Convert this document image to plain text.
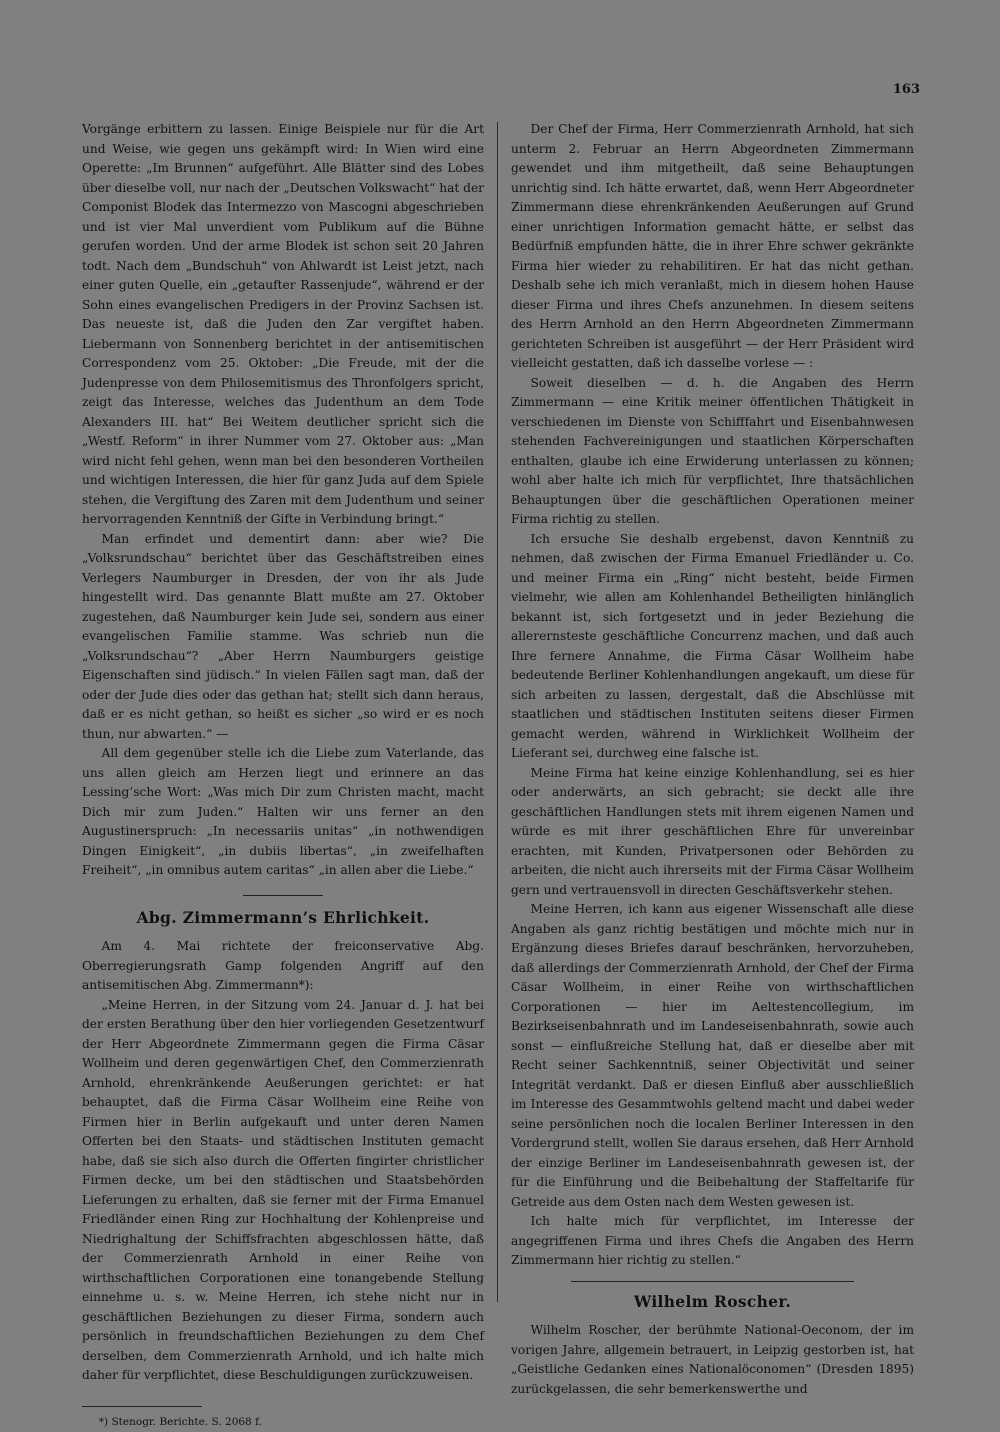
163

Vorgänge erbittern zu lassen. Einige Beispiele nur für die Art und Weise, wie gegen uns gekämpft wird: In Wien wird eine Operette: „Im Brunnen“ aufgeführt. Alle Blätter sind des Lobes über dieselbe voll, nur nach der „Deutschen Volkswacht“ hat der Componist Blodek das Intermezzo von Mascogni abgeschrieben und ist vier Mal unverdient vom Publikum auf die Bühne gerufen worden. Und der arme Blodek ist schon seit 20 Jahren todt. Nach dem „Bundschuh“ von Ahlwardt ist Leist jetzt, nach einer guten Quelle, ein „getaufter Rassenjude“, während er der Sohn eines evangelischen Predigers in der Provinz Sachsen ist. Das neueste ist, daß die Juden den Zar vergiftet haben. Liebermann von Sonnenberg berichtet in der antisemitischen Correspondenz vom 25. Oktober: „Die Freude, mit der die Judenpresse von dem Philosemitismus des Thronfolgers spricht, zeigt das Interesse, welches das Judenthum an dem Tode Alexanders III. hat“ Bei Weitem deutlicher spricht sich die „Westf. Reform“ in ihrer Nummer vom 27. Oktober aus: „Man wird nicht fehl gehen, wenn man bei den besonderen Vortheilen und wichtigen Interessen, die hier für ganz Juda auf dem Spiele stehen, die Vergiftung des Zaren mit dem Judenthum und seiner hervorragenden Kenntniß der Gifte in Verbindung bringt.“

Man erfindet und dementirt dann: aber wie? Die „Volksrundschau“ berichtet über das Geschäftstreiben eines Verlegers Naumburger in Dresden, der von ihr als Jude hingestellt wird. Das genannte Blatt mußte am 27. Oktober zugestehen, daß Naumburger kein Jude sei, sondern aus einer evangelischen Familie stamme. Was schrieb nun die „Volksrundschau“? „Aber Herrn Naumburgers geistige Eigenschaften sind jüdisch.“ In vielen Fällen sagt man, daß der oder der Jude dies oder das gethan hat; stellt sich dann heraus, daß er es nicht gethan, so heißt es sicher „so wird er es noch thun, nur abwarten.“ —

All dem gegenüber stelle ich die Liebe zum Vaterlande, das uns allen gleich am Herzen liegt und erinnere an das Lessing’sche Wort: „Was mich Dir zum Christen macht, macht Dich mir zum Juden.“ Halten wir uns ferner an den Augustinerspruch: „In necessariis unitas“ „in nothwendigen Dingen Einigkeit“, „in dubiis libertas“, „in zweifelhaften Freiheit“, „in omnibus autem caritas“ „in allen aber die Liebe.“

Abg. Zimmermann’s Ehrlichkeit.

Am 4. Mai richtete der freiconservative Abg. Oberregierungsrath Gamp folgenden Angriff auf den antisemitischen Abg. Zimmermann*):

„Meine Herren, in der Sitzung vom 24. Januar d. J. hat bei der ersten Berathung über den hier vorliegenden Gesetzentwurf der Herr Abgeordnete Zimmermann gegen die Firma Cäsar Wollheim und deren gegenwärtigen Chef, den Commerzienrath Arnhold, ehrenkränkende Aeußerungen gerichtet: er hat behauptet, daß die Firma Cäsar Wollheim eine Reihe von Firmen hier in Berlin aufgekauft und unter deren Namen Offerten bei den Staats- und städtischen Instituten gemacht habe, daß sie sich also durch die Offerten fingirter christlicher Firmen decke, um bei den städtischen und Staatsbehörden Lieferungen zu erhalten, daß sie ferner mit der Firma Emanuel Friedländer einen Ring zur Hochhaltung der Kohlenpreise und Niedrighaltung der Schiffsfrachten abgeschlossen hätte, daß der Commerzienrath Arnhold in einer Reihe von wirthschaftlichen Corporationen eine tonangebende Stellung einnehme u. s. w. Meine Herren, ich stehe nicht nur in geschäftlichen Beziehungen zu dieser Firma, sondern auch persönlich in freundschaftlichen Beziehungen zu dem Chef derselben, dem Commerzienrath Arnhold, und ich halte mich daher für verpflichtet, diese Beschuldigungen zurückzuweisen.

*) Stenogr. Berichte. S. 2068 f.

Der Chef der Firma, Herr Commerzienrath Arnhold, hat sich unterm 2. Februar an Herrn Abgeordneten Zimmermann gewendet und ihm mitgetheilt, daß seine Behauptungen unrichtig sind. Ich hätte erwartet, daß, wenn Herr Abgeordneter Zimmermann diese ehrenkränkenden Aeußerungen auf Grund einer unrichtigen Information gemacht hätte, er selbst das Bedürfniß empfunden hätte, die in ihrer Ehre schwer gekränkte Firma hier wieder zu rehabilitiren. Er hat das nicht gethan. Deshalb sehe ich mich veranlaßt, mich in diesem hohen Hause dieser Firma und ihres Chefs anzunehmen. In diesem seitens des Herrn Arnhold an den Herrn Abgeordneten Zimmermann gerichteten Schreiben ist ausgeführt — der Herr Präsident wird vielleicht gestatten, daß ich dasselbe vorlese — :

Soweit dieselben — d. h. die Angaben des Herrn Zimmermann — eine Kritik meiner öffentlichen Thätigkeit in verschiedenen im Dienste von Schifffahrt und Eisenbahnwesen stehenden Fachvereinigungen und staatlichen Körperschaften enthalten, glaube ich eine Erwiderung unterlassen zu können; wohl aber halte ich mich für verpflichtet, Ihre thatsächlichen Behauptungen über die geschäftlichen Operationen meiner Firma richtig zu stellen.

Ich ersuche Sie deshalb ergebenst, davon Kenntniß zu nehmen, daß zwischen der Firma Emanuel Friedländer u. Co. und meiner Firma ein „Ring“ nicht besteht, beide Firmen vielmehr, wie allen am Kohlenhandel Betheiligten hinlänglich bekannt ist, sich fortgesetzt und in jeder Beziehung die allerernsteste geschäftliche Concurrenz machen, und daß auch Ihre fernere Annahme, die Firma Cäsar Wollheim habe bedeutende Berliner Kohlenhandlungen angekauft, um diese für sich arbeiten zu lassen, dergestalt, daß die Abschlüsse mit staatlichen und städtischen Instituten seitens dieser Firmen gemacht werden, während in Wirklichkeit Wollheim der Lieferant sei, durchweg eine falsche ist.

Meine Firma hat keine einzige Kohlenhandlung, sei es hier oder anderwärts, an sich gebracht; sie deckt alle ihre geschäftlichen Handlungen stets mit ihrem eigenen Namen und würde es mit ihrer geschäftlichen Ehre für unvereinbar erachten, mit Kunden, Privatpersonen oder Behörden zu arbeiten, die nicht auch ihrerseits mit der Firma Cäsar Wollheim gern und vertrauensvoll in directen Geschäftsverkehr stehen.

Meine Herren, ich kann aus eigener Wissenschaft alle diese Angaben als ganz richtig bestätigen und möchte mich nur in Ergänzung dieses Briefes darauf beschränken, hervorzuheben, daß allerdings der Commerzienrath Arnhold, der Chef der Firma Cäsar Wollheim, in einer Reihe von wirthschaftlichen Corporationen — hier im Aeltestencollegium, im Bezirkseisenbahnrath und im Landeseisenbahnrath, sowie auch sonst — einflußreiche Stellung hat, daß er dieselbe aber mit Recht seiner Sachkenntniß, seiner Objectivität und seiner Integrität verdankt. Daß er diesen Einfluß aber ausschließlich im Interesse des Gesammtwohls geltend macht und dabei weder seine persönlichen noch die localen Berliner Interessen in den Vordergrund stellt, wollen Sie daraus ersehen, daß Herr Arnhold der einzige Berliner im Landeseisenbahnrath gewesen ist, der für die Einführung und die Beibehaltung der Staffeltarife für Getreide aus dem Osten nach dem Westen gewesen ist.

Ich halte mich für verpflichtet, im Interesse der angegriffenen Firma und ihres Chefs die Angaben des Herrn Zimmermann hier richtig zu stellen.“

Wilhelm Roscher.

Wilhelm Roscher, der berühmte National-Oeconom, der im vorigen Jahre, allgemein betrauert, in Leipzig gestorben ist, hat „Geistliche Gedanken eines Nationalöconomen“ (Dresden 1895) zurückgelassen, die sehr bemerkenswerthe und
